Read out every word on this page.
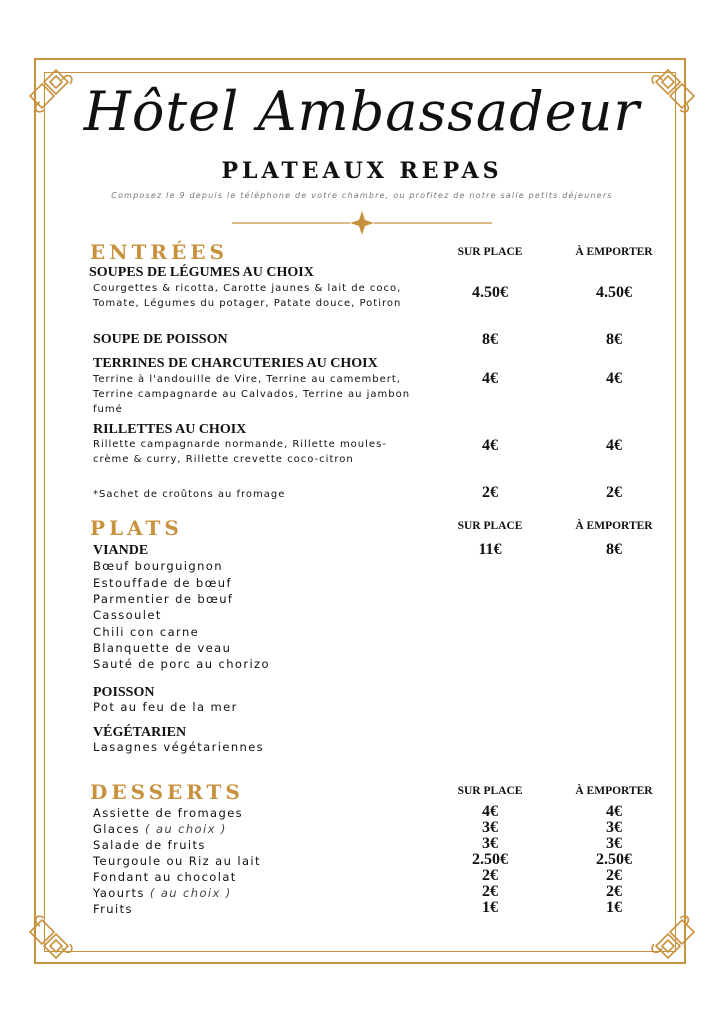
Hôtel Ambassadeur
PLATEAUX REPAS
Composez le 9 depuis le téléphone de votre chambre, ou profitez de notre salle petits déjeuners
ENTRÉES	SUR PLACE	À EMPORTER
SOUPES DE LÉGUMES AU CHOIX
Courgettes & ricotta, Carotte jaunes & lait de coco, Tomate, Légumes du potager, Patate douce, Potiron
4.50€	4.50€
SOUPE DE POISSON	8€	8€
TERRINES DE CHARCUTERIES AU CHOIX
Terrine à l'andouille de Vire, Terrine au camembert, Terrine campagnarde au Calvados, Terrine au jambon fumé
4€	4€
RILLETTES AU CHOIX
Rillette campagnarde normande, Rillette moules-crème & curry, Rillette crevette coco-citron
4€	4€
*Sachet de croûtons au fromage	2€	2€
PLATS	SUR PLACE	À EMPORTER
VIANDE	11€	8€
Bœuf bourguignon
Estouffade de bœuf
Parmentier de bœuf
Cassoulet
Chili con carne
Blanquette de veau
Sauté de porc au chorizo
POISSON
Pot au feu de la mer
VÉGÉTARIEN
Lasagnes végétariennes
DESSERTS	SUR PLACE	À EMPORTER
Assiette de fromages	4€	4€
Glaces ( au choix )	3€	3€
Salade de fruits	3€	3€
Teurgoule ou Riz au lait	2.50€	2.50€
Fondant au chocolat	2€	2€
Yaourts ( au choix )	2€	2€
Fruits	1€	1€
